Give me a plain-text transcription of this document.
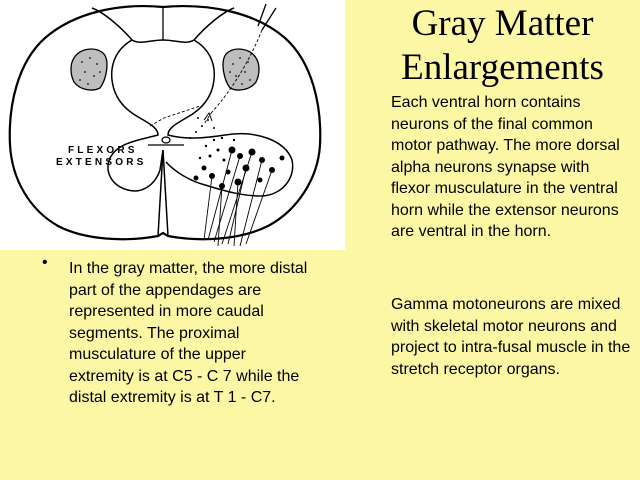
FLEXORS
EXTENSORS
Gray Matter
Enlargements

Each ventral horn contains neurons of the final common motor pathway. The more dorsal alpha neurons synapse with flexor musculature in the ventral horn while the extensor neurons are ventral in the horn.

Gamma motoneurons are mixed with skeletal motor neurons and project to intra-fusal muscle in the stretch receptor organs.

• In the gray matter, the more distal part of the appendages are represented in more caudal segments. The proximal musculature of the upper extremity is at C5 - C 7 while the distal extremity is at T 1 - C7.
